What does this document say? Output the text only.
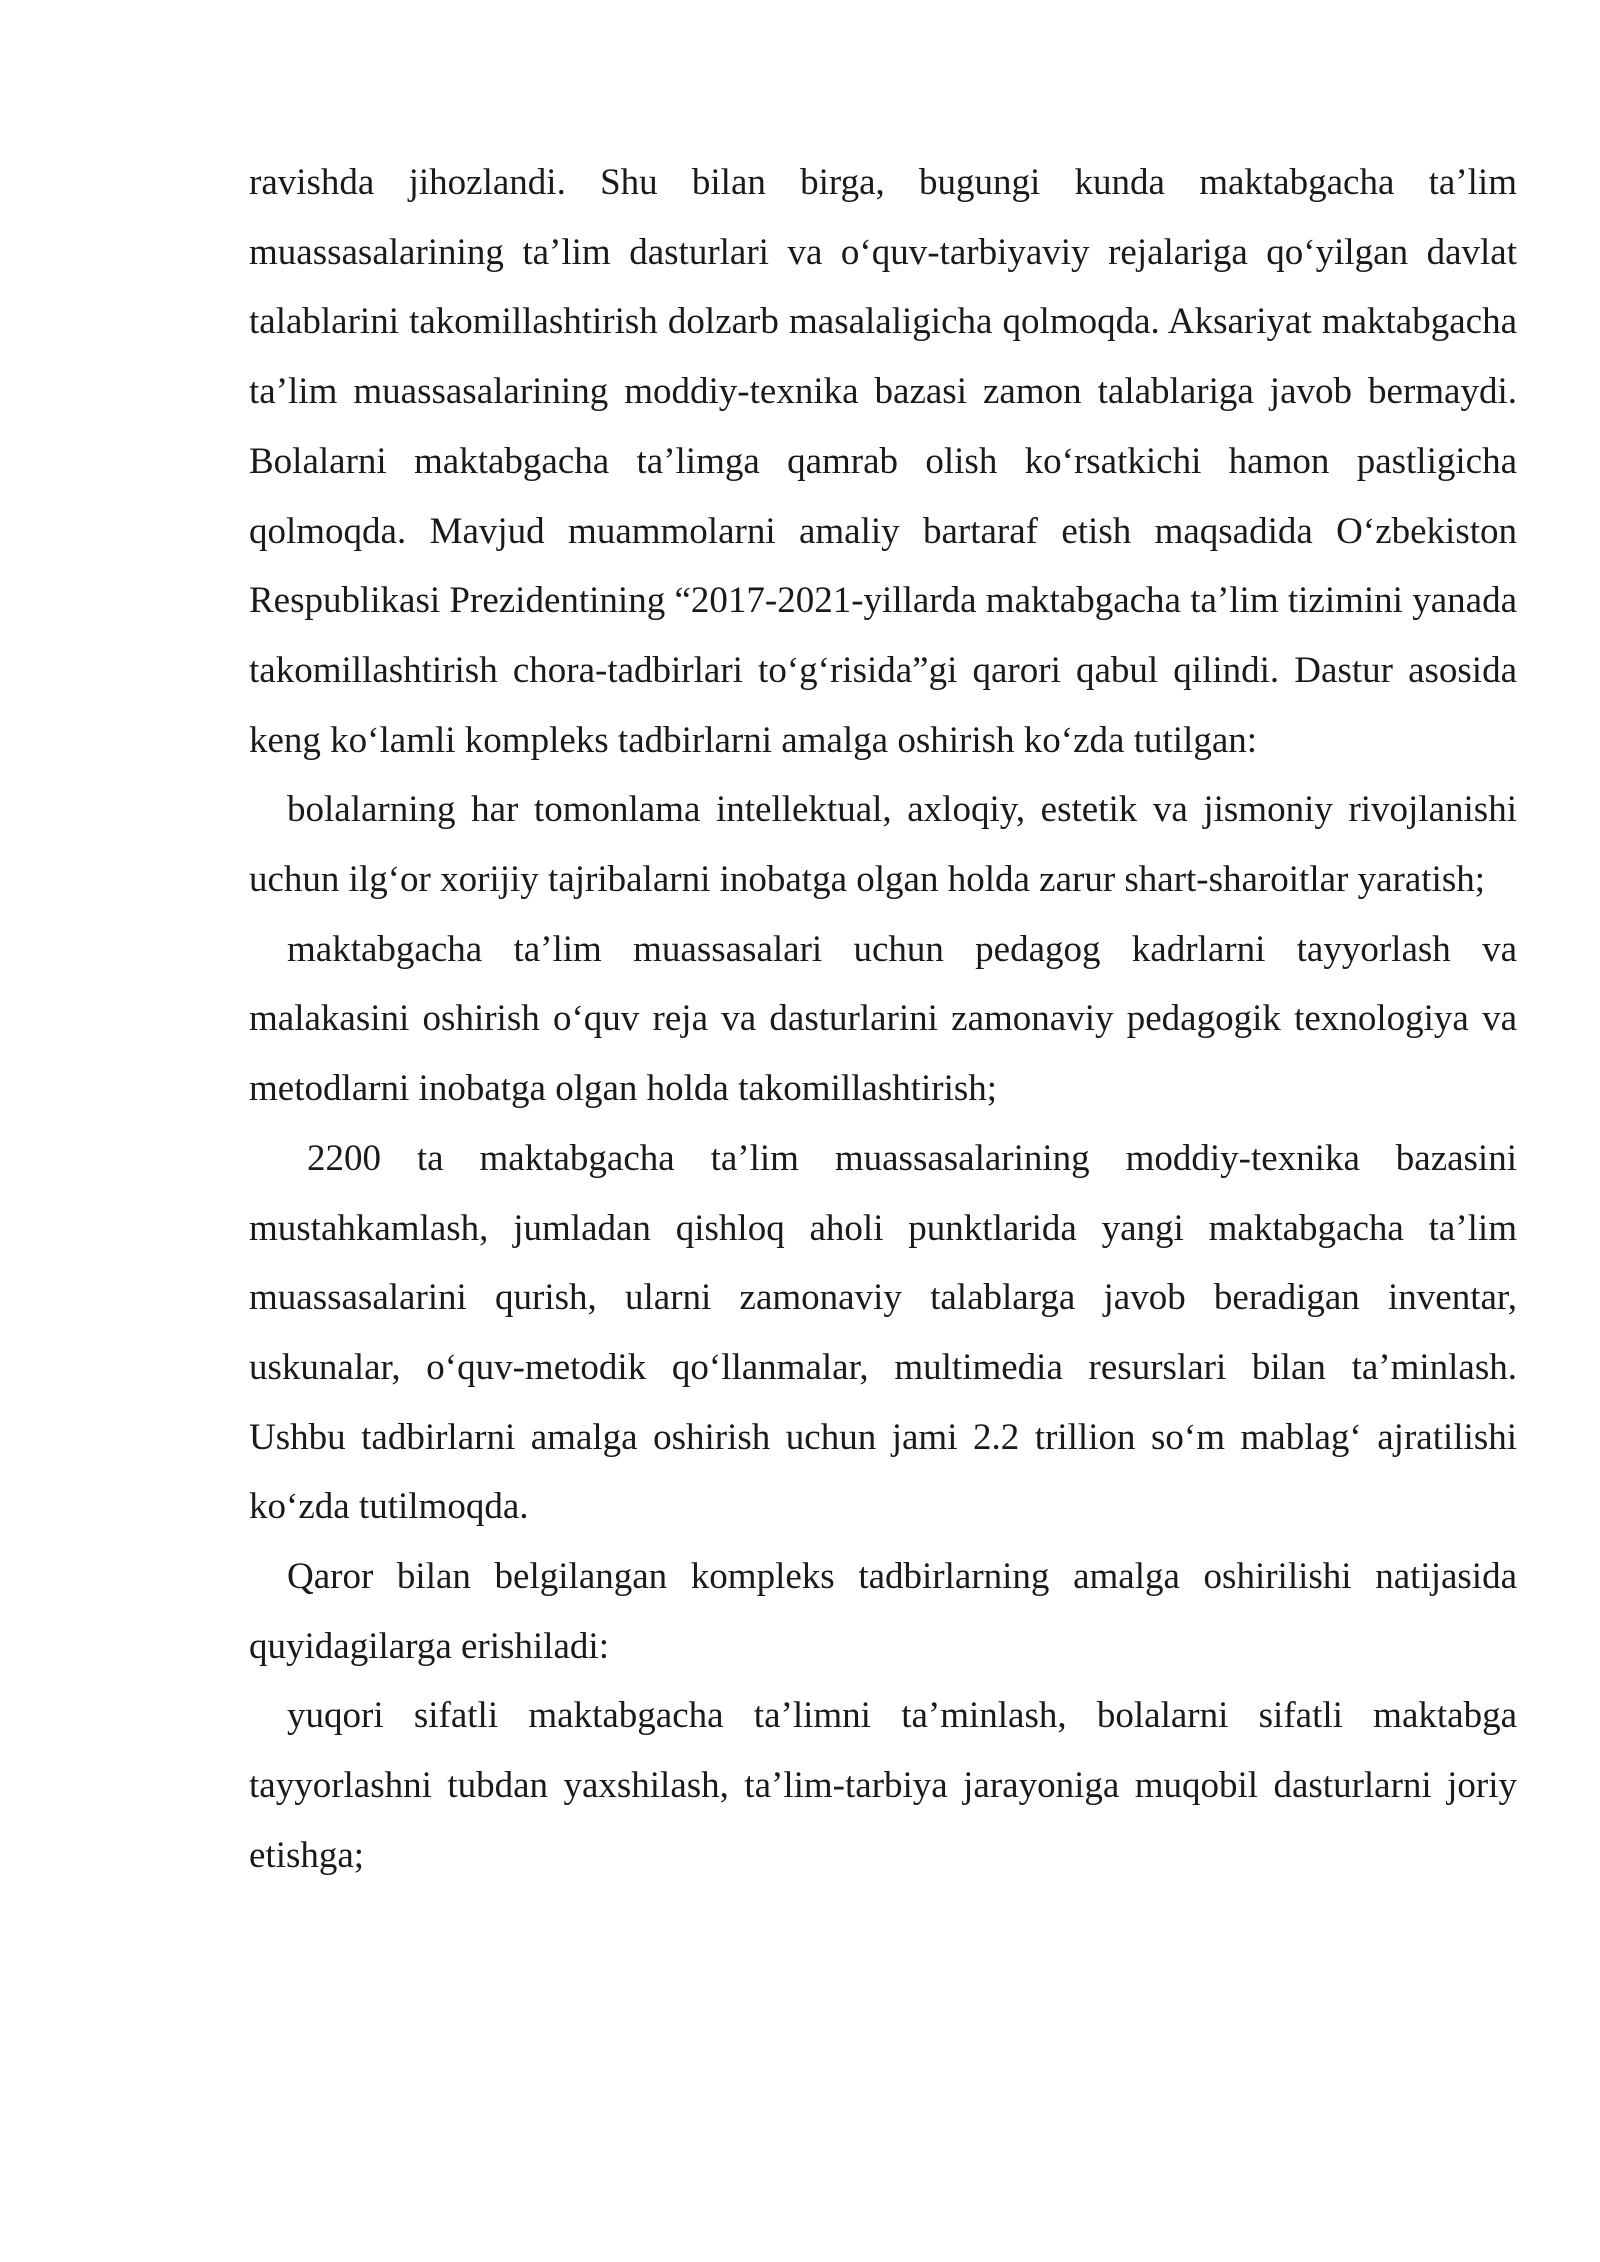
ravishda jihozlandi. Shu bilan birga, bugungi kunda maktabgacha ta’lim muassasalarining ta’lim dasturlari va o‘quv-tarbiyaviy rejalariga qo‘yilgan davlat talablarini takomillashtirish dolzarb masalaligicha qolmoqda. Aksariyat maktabgacha ta’lim muassasalarining moddiy-texnika bazasi zamon talablariga javob bermaydi. Bolalarni maktabgacha ta’limga qamrab olish ko‘rsatkichi hamon pastligicha qolmoqda. Mavjud muammolarni amaliy bartaraf etish maqsadida O‘zbekiston Respublikasi Prezidentining “2017-2021-yillarda maktabgacha ta’lim tizimini yanada takomillashtirish chora-tadbirlari to‘g‘risida”gi qarori qabul qilindi. Dastur asosida keng ko‘lamli kompleks tadbirlarni amalga oshirish ko‘zda tutilgan:

bolalarning har tomonlama intellektual, axloqiy, estetik va jismoniy rivojlanishi uchun ilg‘or xorijiy tajribalarni inobatga olgan holda zarur shart-sharoitlar yaratish;

maktabgacha ta’lim muassasalari uchun pedagog kadrlarni tayyorlash va malakasini oshirish o‘quv reja va dasturlarini zamonaviy pedagogik texnologiya va metodlarni inobatga olgan holda takomillashtirish;

2200 ta maktabgacha ta’lim muassasalarining moddiy-texnika bazasini mustahkamlash, jumladan qishloq aholi punktlarida yangi maktabgacha ta’lim muassasalarini qurish, ularni zamonaviy talablarga javob beradigan inventar, uskunalar, o‘quv-metodik qo‘llanmalar, multimedia resurslari bilan ta’minlash. Ushbu tadbirlarni amalga oshirish uchun jami 2.2 trillion so‘m mablag‘ ajratilishi ko‘zda tutilmoqda.

Qaror bilan belgilangan kompleks tadbirlarning amalga oshirilishi natijasida quyidagilarga erishiladi:

yuqori sifatli maktabgacha ta’limni ta’minlash, bolalarni sifatli maktabga tayyorlashni tubdan yaxshilash, ta’lim-tarbiya jarayoniga muqobil dasturlarni joriy etishga;
